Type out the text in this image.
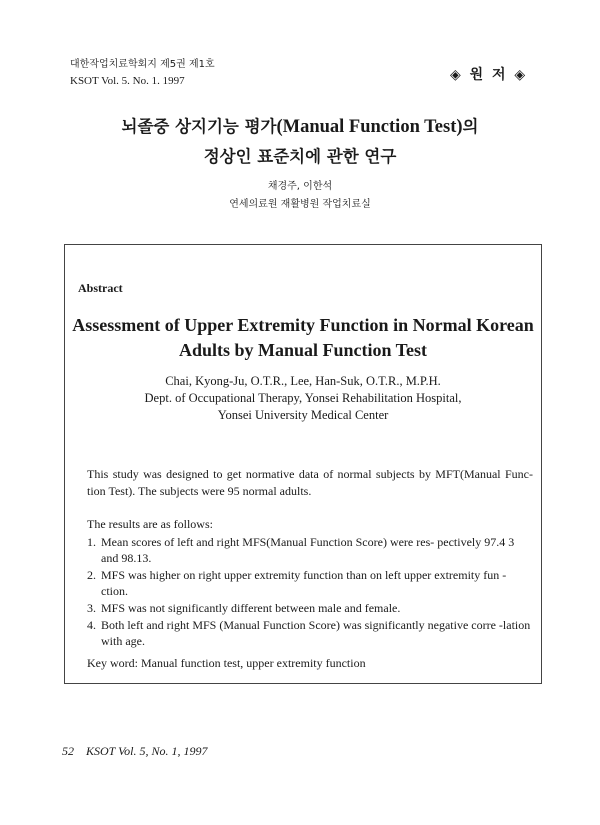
대한작업치료학회지 제5권 제1호
KSOT Vol. 5. No. 1. 1997	◈ 원 저 ◈
뇌졸중 상지기능 평가(Manual Function Test)의
정상인 표준치에 관한 연구
채경주, 이한석
연세의료원 재활병원 작업치료실
Abstract
Assessment of Upper Extremity Function in Normal Korean
Adults by Manual Function Test
Chai, Kyong-Ju, O.T.R., Lee, Han-Suk, O.T.R., M.P.H.
Dept. of Occupational Therapy, Yonsei Rehabilitation Hospital,
Yonsei University Medical Center
This study was designed to get normative data of normal subjects by MFT(Manual Func-tion Test). The subjects were 95 normal adults.
The results are as follows:
1. Mean scores of left and right MFS(Manual Function Score) were res- pectively 97.4 3 and 98.13.
2. MFS was higher on right upper extremity function than on left upper extremity fun -ction.
3. MFS was not significantly different between male and female.
4. Both left and right MFS (Manual Function Score) was significantly negative corre -lation with age.
Key word: Manual function test, upper extremity function
52 KSOT Vol. 5, No. 1, 1997
